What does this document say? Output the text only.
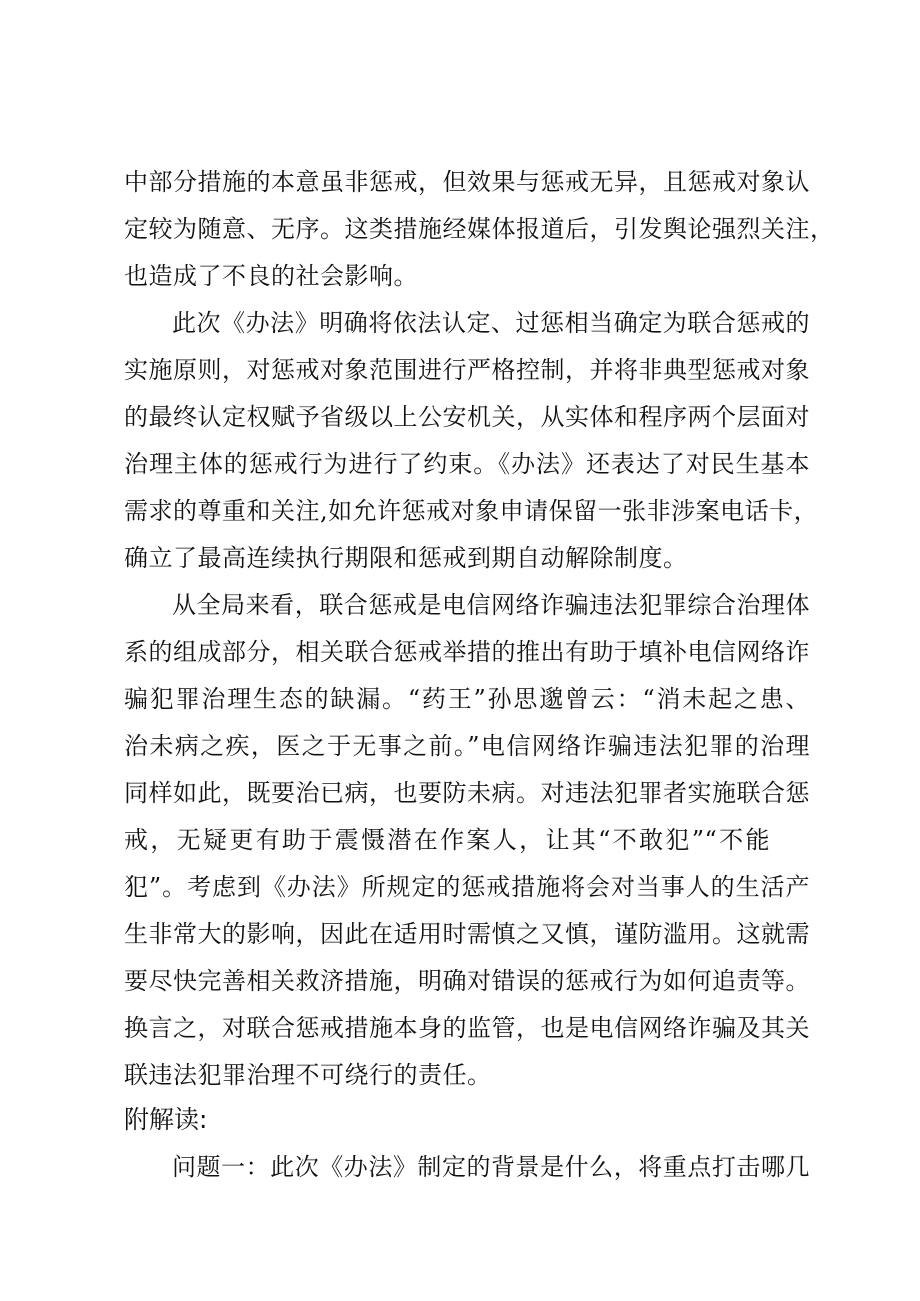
中部分措施的本意虽非惩戒，但效果与惩戒无异，且惩戒对象认
定较为随意、无序。这类措施经媒体报道后，引发舆论强烈关注，
也造成了不良的社会影响。
此次《办法》明确将依法认定、过惩相当确定为联合惩戒的
实施原则，对惩戒对象范围进行严格控制，并将非典型惩戒对象
的最终认定权赋予省级以上公安机关，从实体和程序两个层面对
治理主体的惩戒行为进行了约束。《办法》还表达了对民生基本
需求的尊重和关注,如允许惩戒对象申请保留一张非涉案电话卡，
确立了最高连续执行期限和惩戒到期自动解除制度。
从全局来看，联合惩戒是电信网络诈骗违法犯罪综合治理体
系的组成部分，相关联合惩戒举措的推出有助于填补电信网络诈
骗犯罪治理生态的缺漏。“药王”孙思邈曾云：“消未起之患、
治未病之疾，医之于无事之前。”电信网络诈骗违法犯罪的治理
同样如此，既要治已病，也要防未病。对违法犯罪者实施联合惩
戒，无疑更有助于震慑潜在作案人，让其“不敢犯”“不能
犯”。考虑到《办法》所规定的惩戒措施将会对当事人的生活产
生非常大的影响，因此在适用时需慎之又慎，谨防滥用。这就需
要尽快完善相关救济措施，明确对错误的惩戒行为如何追责等。
换言之，对联合惩戒措施本身的监管，也是电信网络诈骗及其关
联违法犯罪治理不可绕行的责任。
附解读:
问题一：此次《办法》制定的背景是什么，将重点打击哪几
